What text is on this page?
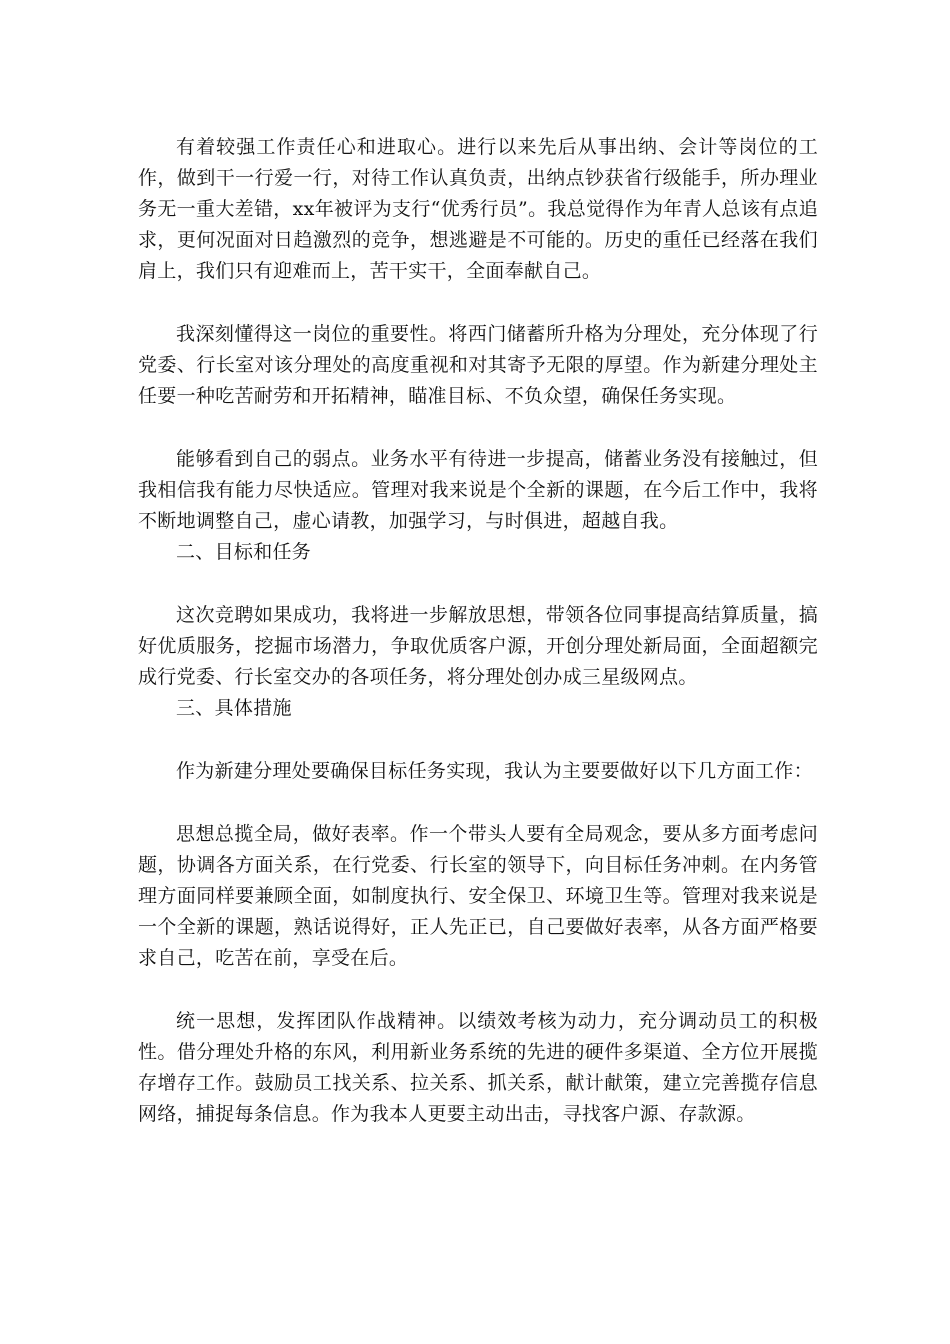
有着较强工作责任心和进取心。进行以来先后从事出纳、会计等岗位的工作，做到干一行爱一行，对待工作认真负责，出纳点钞获省行级能手，所办理业务无一重大差错，xx年被评为支行“优秀行员”。我总觉得作为年青人总该有点追求，更何况面对日趋激烈的竞争，想逃避是不可能的。历史的重任已经落在我们肩上，我们只有迎难而上，苦干实干，全面奉献自己。

我深刻懂得这一岗位的重要性。将西门储蓄所升格为分理处，充分体现了行党委、行长室对该分理处的高度重视和对其寄予无限的厚望。作为新建分理处主任要一种吃苦耐劳和开拓精神，瞄准目标、不负众望，确保任务实现。

能够看到自己的弱点。业务水平有待进一步提高，储蓄业务没有接触过，但我相信我有能力尽快适应。管理对我来说是个全新的课题，在今后工作中，我将不断地调整自己，虚心请教，加强学习，与时俱进，超越自我。

二、目标和任务

这次竞聘如果成功，我将进一步解放思想，带领各位同事提高结算质量，搞好优质服务，挖掘市场潜力，争取优质客户源，开创分理处新局面，全面超额完成行党委、行长室交办的各项任务，将分理处创办成三星级网点。

三、具体措施

作为新建分理处要确保目标任务实现，我认为主要要做好以下几方面工作：

思想总揽全局，做好表率。作一个带头人要有全局观念，要从多方面考虑问题，协调各方面关系，在行党委、行长室的领导下，向目标任务冲刺。在内务管理方面同样要兼顾全面，如制度执行、安全保卫、环境卫生等。管理对我来说是一个全新的课题，熟话说得好，正人先正已，自己要做好表率，从各方面严格要求自己，吃苦在前，享受在后。

统一思想，发挥团队作战精神。以绩效考核为动力，充分调动员工的积极性。借分理处升格的东风，利用新业务系统的先进的硬件多渠道、全方位开展揽存增存工作。鼓励员工找关系、拉关系、抓关系，献计献策，建立完善揽存信息网络，捕捉每条信息。作为我本人更要主动出击，寻找客户源、存款源。
